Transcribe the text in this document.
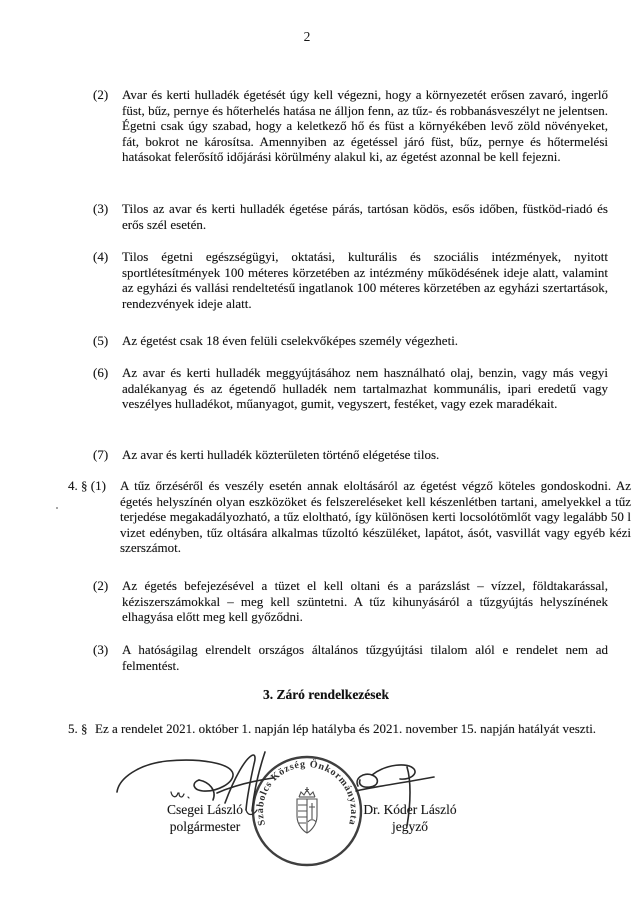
2
(2) Avar és kerti hulladék égetését úgy kell végezni, hogy a környezetét erősen zavaró, ingerlő füst, bűz, pernye és hőterhelés hatása ne álljon fenn, az tűz- és robbanásveszélyt ne jelentsen. Égetni csak úgy szabad, hogy a keletkező hő és füst a környékében levő zöld növényeket, fát, bokrot ne károsítsa. Amennyiben az égetéssel járó füst, bűz, pernye és hőtermelési hatásokat felerősítő időjárási körülmény alakul ki, az égetést azonnal be kell fejezni.
(3) Tilos az avar és kerti hulladék égetése párás, tartósan ködös, esős időben, füstköd-riadó és erős szél esetén.
(4) Tilos égetni egészségügyi, oktatási, kulturális és szociális intézmények, nyitott sportlétesítmények 100 méteres körzetében az intézmény működésének ideje alatt, valamint az egyházi és vallási rendeltetésű ingatlanok 100 méteres körzetében az egyházi szertartások, rendezvények ideje alatt.
(5) Az égetést csak 18 éven felüli cselekvőképes személy végezheti.
(6) Az avar és kerti hulladék meggyújtásához nem használható olaj, benzin, vagy más vegyi adalékanyag és az égetendő hulladék nem tartalmazhat kommunális, ipari eredetű vagy veszélyes hulladékot, műanyagot, gumit, vegyszert, festéket, vagy ezek maradékait.
(7) Az avar és kerti hulladék közterületen történő elégetése tilos.
4. § (1) A tűz őrzéséről és veszély esetén annak eloltásáról az égetést végző köteles gondoskodni. Az égetés helyszínén olyan eszközöket és felszereléseket kell készenlétben tartani, amelyekkel a tűz terjedése megakadályozható, a tűz eloltható, így különösen kerti locsolótömlőt vagy legalább 50 l vizet edényben, tűz oltására alkalmas tűzoltó készüléket, lapátot, ásót, vasvillát vagy egyéb kézi szerszámot.
(2) Az égetés befejezésével a tüzet el kell oltani és a parázslást – vízzel, földtakarással, kéziszerszámokkal – meg kell szüntetni. A tűz kihunyásáról a tűzgyújtás helyszínének elhagyása előtt meg kell győződni.
(3) A hatóságilag elrendelt országos általános tűzgyújtási tilalom alól e rendelet nem ad felmentést.
3. Záró rendelkezések
5. § Ez a rendelet 2021. október 1. napján lép hatályba és 2021. november 15. napján hatályát veszti.
Szabolcs Község Önkormányzata
Csegei László
polgármester
Dr. Kóder László
jegyző
